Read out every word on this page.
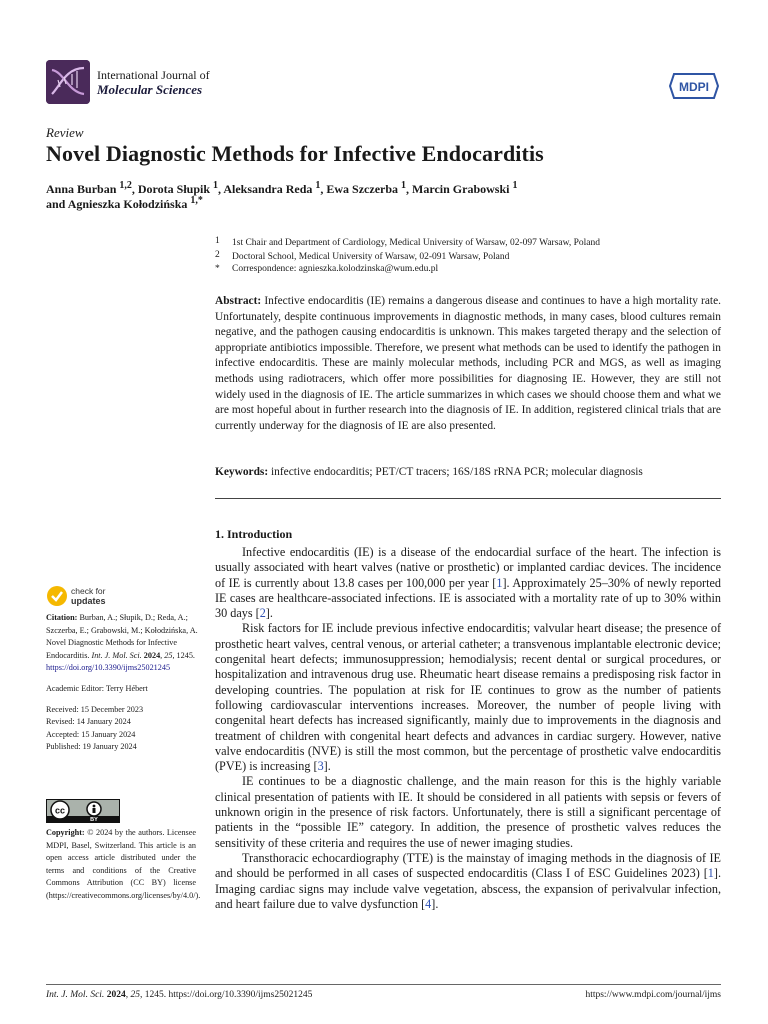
International Journal of
Molecular Sciences	MDPI
Review
Novel Diagnostic Methods for Infective Endocarditis
Anna Burban $^{1,2}$, Dorota Słupik $^1$, Aleksandra Reda $^1$, Ewa Szczerba $^1$, Marcin Grabowski $^1$
and Agnieszka Kołodzińska $^{1,*}$
1 1st Chair and Department of Cardiology, Medical University of Warsaw, 02-097 Warsaw, Poland
2 Doctoral School, Medical University of Warsaw, 02-091 Warsaw, Poland
* Correspondence: agnieszka.kolodzinska@wum.edu.pl
Abstract: Infective endocarditis (IE) remains a dangerous disease and continues to have a high mortality rate. Unfortunately, despite continuous improvements in diagnostic methods, in many cases, blood cultures remain negative, and the pathogen causing endocarditis is unknown. This makes targeted therapy and the selection of appropriate antibiotics impossible. Therefore, we present what methods can be used to identify the pathogen in infective endocarditis. These are mainly molecular methods, including PCR and MGS, as well as imaging methods using radiotracers, which offer more possibilities for diagnosing IE. However, they are still not widely used in the diagnosis of IE. The article summarizes in which cases we should choose them and what we are most hopeful about in further research into the diagnosis of IE. In addition, registered clinical trials that are currently underway for the diagnosis of IE are also presented.
Keywords: infective endocarditis; PET/CT tracers; 16S/18S rRNA PCR; molecular diagnosis
1. Introduction

Infective endocarditis (IE) is a disease of the endocardial surface of the heart. The infection is usually associated with heart valves (native or prosthetic) or implanted cardiac devices. The incidence of IE is currently about 13.8 cases per 100,000 per year [1]. Approximately 25–30% of newly reported IE cases are healthcare-associated infections. IE is associated with a mortality rate of up to 30% within 30 days [2].

Risk factors for IE include previous infective endocarditis; valvular heart disease; the presence of prosthetic heart valves, central venous, or arterial catheter; a transvenous implantable electronic device; congenital heart defects; immunosuppression; hemodialysis; recent dental or surgical procedures, or hospitalization and intravenous drug use. Rheumatic heart disease remains a predisposing risk factor in developing countries. The population at risk for IE continues to grow as the number of patients following cardiovascular interventions increases. Moreover, the number of people living with congenital heart defects has increased significantly, mainly due to improvements in the diagnosis and treatment of children with congenital heart defects and advances in cardiac surgery. However, native valve endocarditis (NVE) is still the most common, but the percentage of prosthetic valve endocarditis (PVE) is increasing [3].

IE continues to be a diagnostic challenge, and the main reason for this is the highly variable clinical presentation of patients with IE. It should be considered in all patients with sepsis or fevers of unknown origin in the presence of risk factors. Unfortunately, there is still a significant percentage of patients in the “possible IE” category. In addition, the presence of prosthetic valves reduces the sensitivity of these criteria and requires the use of newer imaging studies.

Transthoracic echocardiography (TTE) is the mainstay of imaging methods in the diagnosis of IE and should be performed in all cases of suspected endocarditis (Class I of ESC Guidelines 2023) [1]. Imaging cardiac signs may include valve vegetation, abscess, the expansion of perivalvular infection, and heart failure due to valve dysfunction [4].

check for
updates
Citation: Burban, A.; Słupik, D.; Reda, A.; Szczerba, E.; Grabowski, M.; Kołodzińska, A. Novel Diagnostic Methods for Infective Endocarditis. Int. J. Mol. Sci. 2024, 25, 1245. https://doi.org/10.3390/ijms25021245
Academic Editor: Terry Hébert
Received: 15 December 2023
Revised: 14 January 2024
Accepted: 15 January 2024
Published: 19 January 2024
cc
BY
Copyright: © 2024 by the authors. Licensee MDPI, Basel, Switzerland. This article is an open access article distributed under the terms and conditions of the Creative Commons Attribution (CC BY) license (https://creativecommons.org/licenses/by/4.0/).
Int. J. Mol. Sci. 2024, 25, 1245. https://doi.org/10.3390/ijms25021245	https://www.mdpi.com/journal/ijms
